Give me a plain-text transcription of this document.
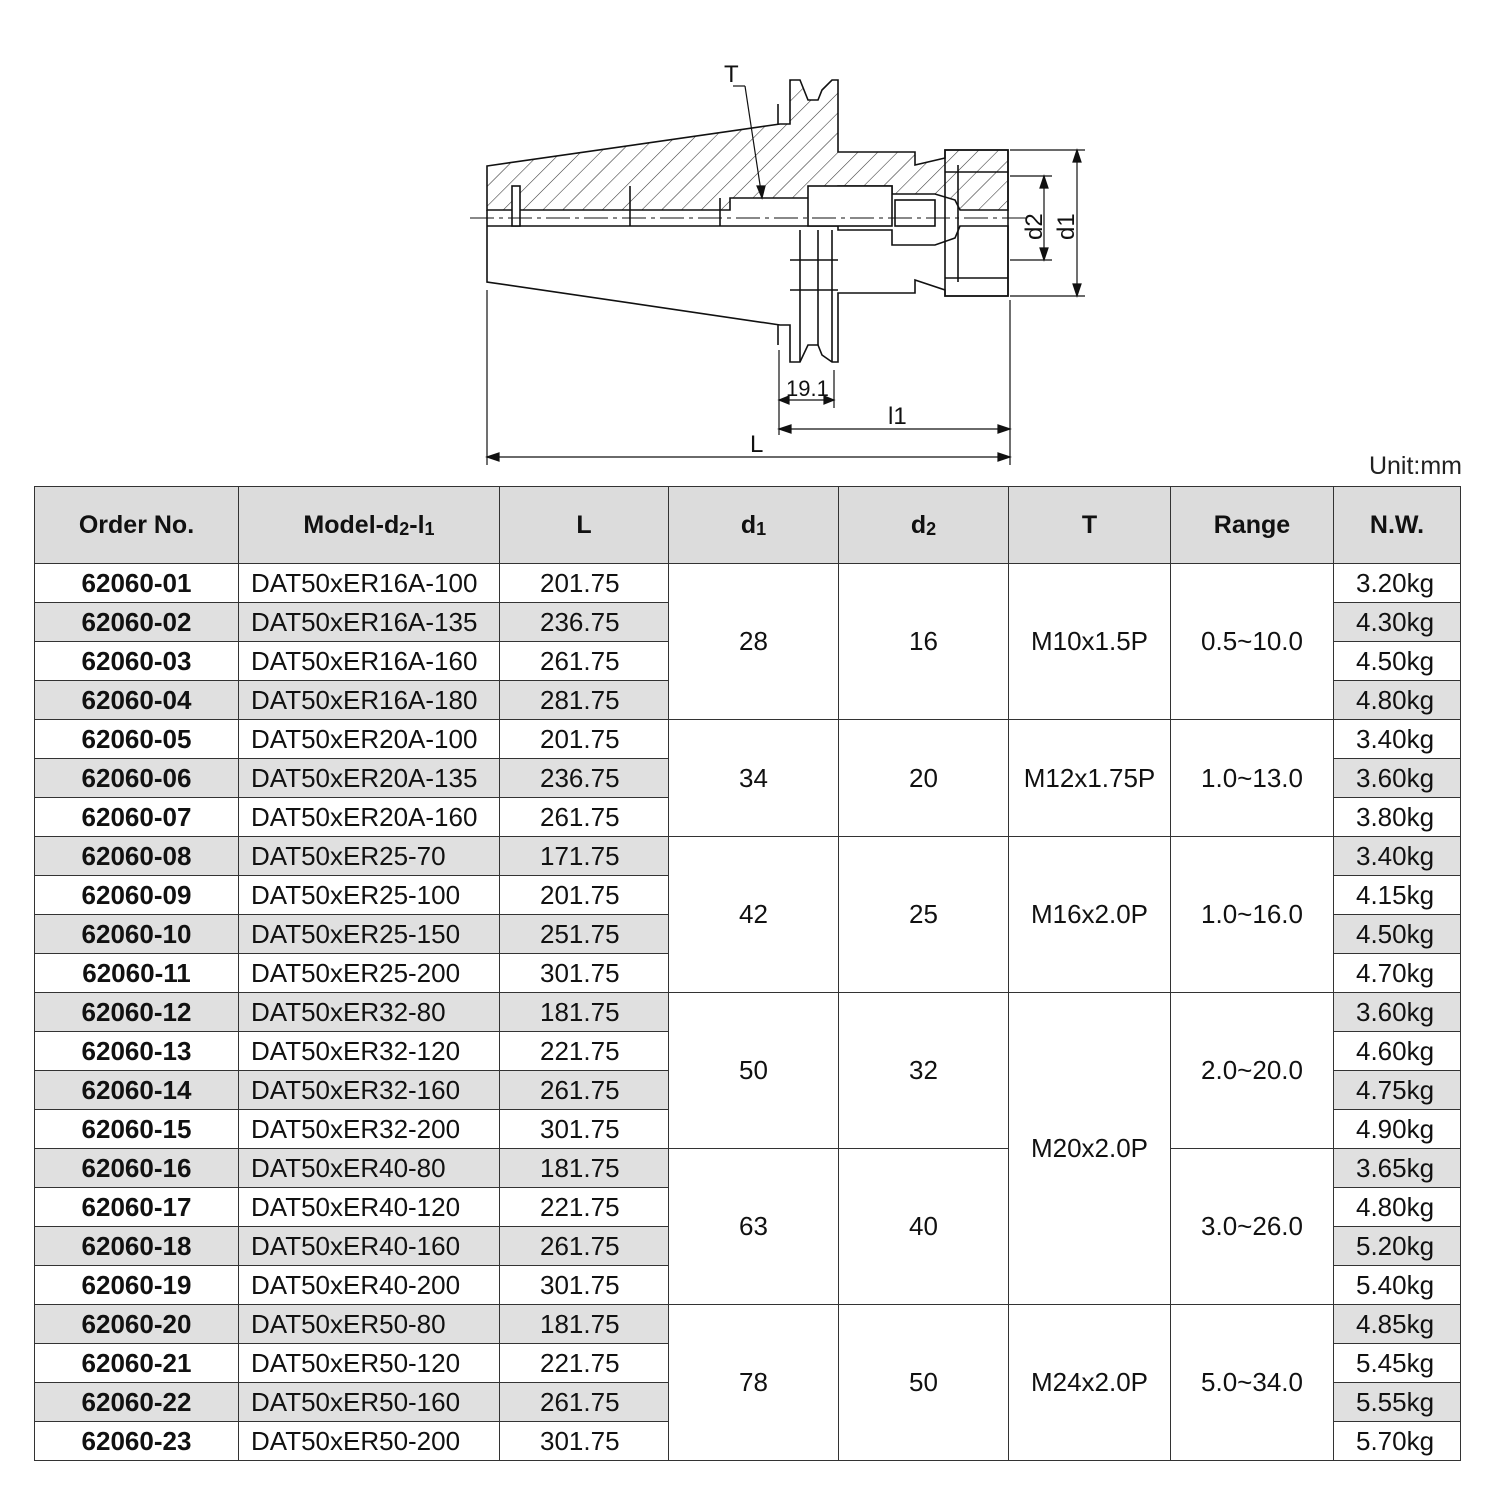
T
19.1
l1
L
d2 d1
Unit:mm
Order No.	Model-$d_2-l_1$	L	$d_1$	$d_2$	T	Range	N.W.
62060-01	DAT50xER16A-100	201.75	28	16	M10x1.5P	0.5~10.0	3.20kg
62060-02	DAT50xER16A-135	236.75					4.30kg
62060-03	DAT50xER16A-160	261.75					4.50kg
62060-04	DAT50xER16A-180	281.75					4.80kg
62060-05	DAT50xER20A-100	201.75	34	20	M12x1.75P	1.0~13.0	3.40kg
62060-06	DAT50xER20A-135	236.75					3.60kg
62060-07	DAT50xER20A-160	261.75					3.80kg
62060-08	DAT50xER25-70	171.75	42	25	M16x2.0P	1.0~16.0	3.40kg
62060-09	DAT50xER25-100	201.75					4.15kg
62060-10	DAT50xER25-150	251.75					4.50kg
62060-11	DAT50xER25-200	301.75					4.70kg
62060-12	DAT50xER32-80	181.75	50	32	M20x2.0P	2.0~20.0	3.60kg
62060-13	DAT50xER32-120	221.75					4.60kg
62060-14	DAT50xER32-160	261.75					4.75kg
62060-15	DAT50xER32-200	301.75					4.90kg
62060-16	DAT50xER40-80	181.75	63	40		3.0~26.0	3.65kg
62060-17	DAT50xER40-120	221.75					4.80kg
62060-18	DAT50xER40-160	261.75					5.20kg
62060-19	DAT50xER40-200	301.75					5.40kg
62060-20	DAT50xER50-80	181.75	78	50	M24x2.0P	5.0~34.0	4.85kg
62060-21	DAT50xER50-120	221.75					5.45kg
62060-22	DAT50xER50-160	261.75					5.55kg
62060-23	DAT50xER50-200	301.75					5.70kg
